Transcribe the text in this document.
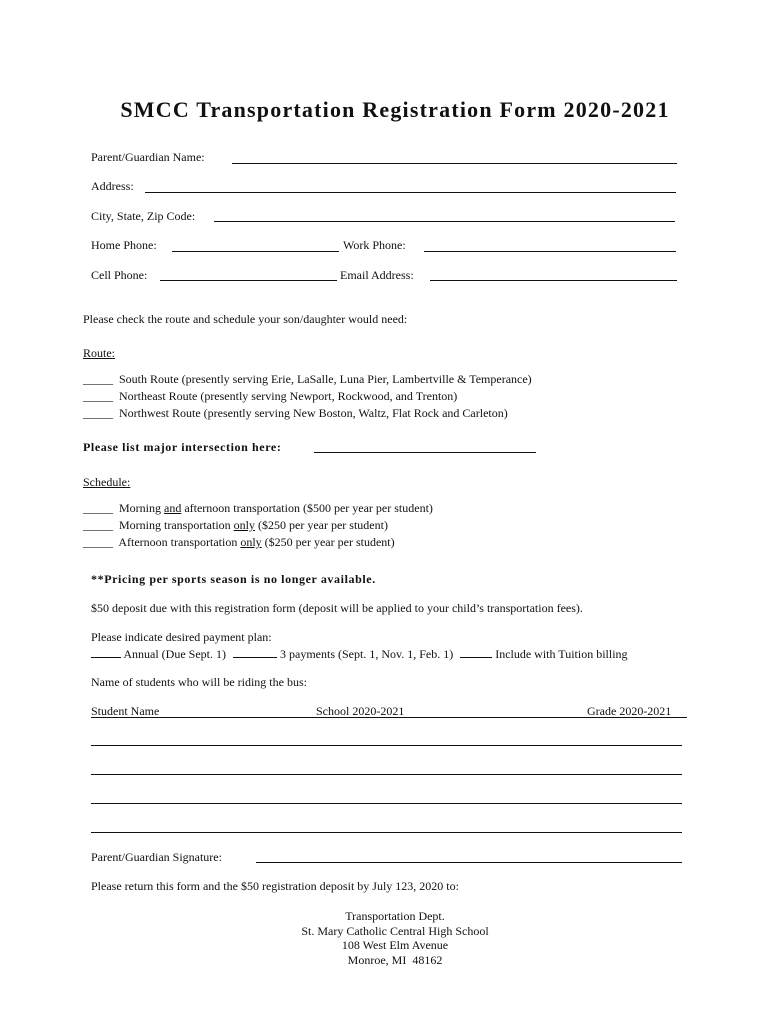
SMCC Transportation Registration Form 2020-2021
Parent/Guardian Name:
Address:
City, State, Zip Code:
Home Phone:	Work Phone:
Cell Phone:	Email Address:
Please check the route and schedule your son/daughter would need:
Route:
_____ South Route (presently serving Erie, LaSalle, Luna Pier, Lambertville & Temperance)
_____ Northeast Route (presently serving Newport, Rockwood, and Trenton)
_____ Northwest Route (presently serving New Boston, Waltz, Flat Rock and Carleton)
Please list major intersection here:
Schedule:
_____ Morning and afternoon transportation ($500 per year per student)
_____ Morning transportation only ($250 per year per student)
_____ Afternoon transportation only ($250 per year per student)
**Pricing per sports season is no longer available.
$50 deposit due with this registration form (deposit will be applied to your child’s transportation fees).
Please indicate desired payment plan:
Annual (Due Sept. 1)	3 payments (Sept. 1, Nov. 1, Feb. 1)	Include with Tuition billing
Name of students who will be riding the bus:
Student Name	School 2020-2021	Grade 2020-2021
Parent/Guardian Signature:
Please return this form and the $50 registration deposit by July 123, 2020 to:
Transportation Dept.
St. Mary Catholic Central High School
108 West Elm Avenue
Monroe, MI  48162
